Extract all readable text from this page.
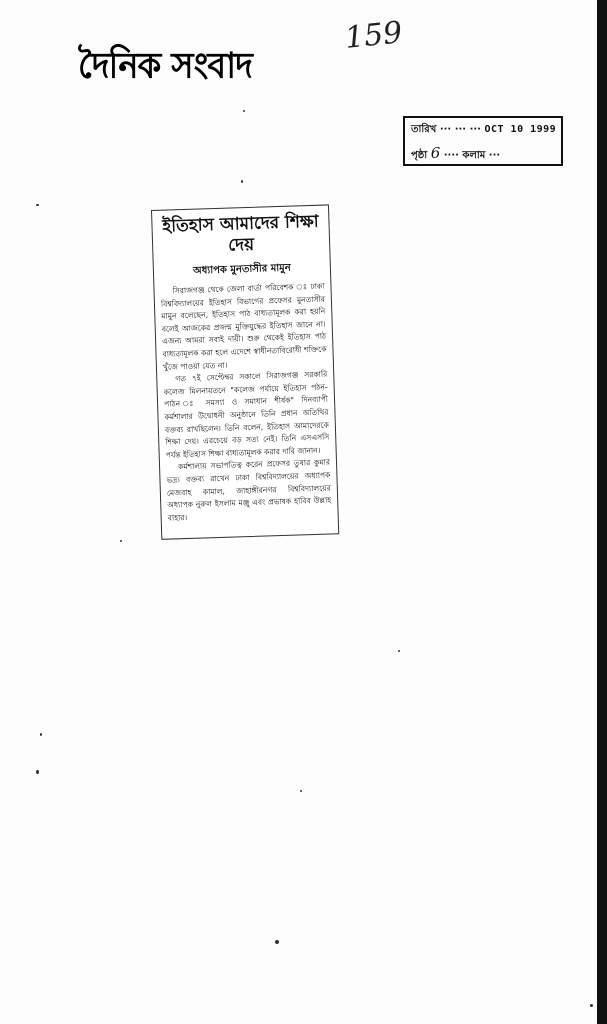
দৈনিক সংবাদ
159
তারিখ ··· ··· ··· OCT 10 1999
পৃষ্ঠা 6 ···· কলাম ···
ইতিহাস আমাদের শিক্ষা দেয়
অধ্যাপক মুনতাসীর মামুন

সিরাজগঞ্জ থেকে জেলা বার্তা পরিবেশক ঃ ঢাকা বিশ্ববিদ্যালয়ের ইতিহাস বিভাগের প্রফেসর মুনতাসীর মামুন বলেছেন, ইতিহাস পাঠ বাধ্যতামূলক করা হয়নি বলেই আজকের প্রজন্ম মুক্তিযুদ্ধের ইতিহাস জানে না। এজন্য আমরা সবাই দায়ী। শুরু থেকেই ইতিহাস পাঠ বাধ্যতামূলক করা হলে এদেশে স্বাধীনতাবিরোধী শক্তিকে খুঁজে পাওয়া যেত না।

গত ৭ই সেপ্টেম্বর সকালে সিরাজগঞ্জ সরকারি কলেজ মিলনায়তনে "কলেজ পর্যায়ে ইতিহাস পঠন-পাঠন ঃ সমস্যা ও সমাধান শীর্ষক" দিনব্যাপী কর্মশালার উদ্বোধনী অনুষ্ঠানে তিনি প্রধান অতিথির বক্তব্য রাখছিলেন। তিনি বলেন, ইতিহাস আমাদেরকে শিক্ষা দেয়। এরচেয়ে বড় সত্য নেই। তিনি এসএসসি পর্যন্ত ইতিহাস শিক্ষা বাধ্যতামূলক করার দাবি জানান।

কর্মশালায় সভাপতিত্ব করেন প্রফেসর তুষার কুমার ভদ্র। বক্তব্য রাখেন ঢাকা বিশ্ববিদ্যালয়ের অধ্যাপক মেজবাহ কামাল, জাহাঙ্গীরনগর বিশ্ববিদ্যালয়ের অধ্যাপক নুরুল ইসলাম মঞ্জু এবং প্রভাষক হাবিব উল্লাহ বাহার।
